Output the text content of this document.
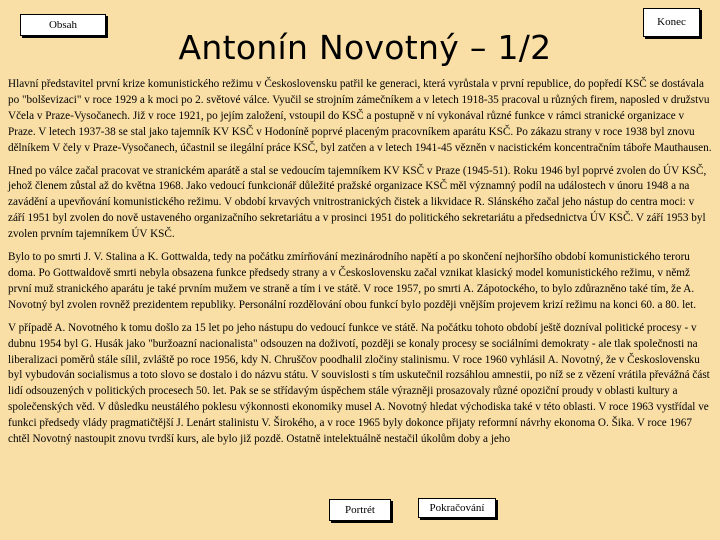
Obsah	Konec
Antonín Novotný – 1/2

Hlavní představitel první krize komunistického režimu v Československu patřil ke generaci, která vyrůstala v první republice, do popředí KSČ se dostávala po "bolševizaci" v roce 1929 a k moci po 2. světové válce. Vyučil se strojním zámečníkem a v letech 1918-35 pracoval u různých firem, naposled v družstvu Včela v Praze-Vysočanech. Již v roce 1921, po jejím založení, vstoupil do KSČ a postupně v ní vykonával různé funkce v rámci stranické organizace v Praze. V letech 1937-38 se stal jako tajemník KV KSČ v Hodoníně poprvé placeným pracovníkem aparátu KSČ. Po zákazu strany v roce 1938 byl znovu dělníkem V čely v Praze-Vysočanech, účastnil se ilegální práce KSČ, byl zatčen a v letech 1941-45 vězněn v nacistickém koncentračním táboře Mauthausen.

Hned po válce začal pracovat ve stranickém aparátě a stal se vedoucím tajemníkem KV KSČ v Praze (1945-51). Roku 1946 byl poprvé zvolen do ÚV KSČ, jehož členem zůstal až do května 1968. Jako vedoucí funkcionář důležité pražské organizace KSČ měl významný podíl na událostech v únoru 1948 a na zavádění a upevňování komunistického režimu. V období krvavých vnitrostranických čistek a likvidace R. Slánského začal jeho nástup do centra moci: v září 1951 byl zvolen do nově ustaveného organizačního sekretariátu a v prosinci 1951 do politického sekretariátu a předsednictva ÚV KSČ. V září 1953 byl zvolen prvním tajemníkem ÚV KSČ.

Bylo to po smrti J. V. Stalina a K. Gottwalda, tedy na počátku zmírňování mezinárodního napětí a po skončení nejhoršího období komunistického teroru doma. Po Gottwaldově smrti nebyla obsazena funkce předsedy strany a v Československu začal vznikat klasický model komunistického režimu, v němž první muž stranického aparátu je také prvním mužem ve straně a tím i ve státě. V roce 1957, po smrti A. Zápotockého, to bylo zdůrazněno také tím, že A. Novotný byl zvolen rovněž prezidentem republiky. Personální rozdělování obou funkcí bylo později vnějším projevem krizí režimu na konci 60. a 80. let.

V případě A. Novotného k tomu došlo za 15 let po jeho nástupu do vedoucí funkce ve státě. Na počátku tohoto období ještě dozníval politické procesy - v dubnu 1954 byl G. Husák jako "buržoazní nacionalista" odsouzen na doživotí, později se konaly procesy se sociálními demokraty - ale tlak společnosti na liberalizaci poměrů stále sílil, zvláště po roce 1956, kdy N. Chruščov poodhalil zločiny stalinismu. V roce 1960 vyhlásil A. Novotný, že v Československu byl vybudován socialismus a toto slovo se dostalo i do názvu státu. V souvislosti s tím uskutečnil rozsáhlou amnestii, po níž se z vězení vrátila převážná část lidí odsouzených v politických procesech 50. let. Pak se se střídavým úspěchem stále výrazněji prosazovaly různé opoziční proudy v oblasti kultury a společenských věd. V důsledku neustálého poklesu výkonnosti ekonomiky musel A. Novotný hledat východiska také v této oblasti. V roce 1963 vystřídal ve funkci předsedy vlády pragmatičtější J. Lenárt stalinistu V. Širokého, a v roce 1965 byly dokonce přijaty reformní návrhy ekonoma O. Šika. V roce 1967 chtěl Novotný nastoupit znovu tvrdší kurs, ale bylo již pozdě. Ostatně intelektuálně nestačil úkolům doby a jeho

Portrét	Pokračování
